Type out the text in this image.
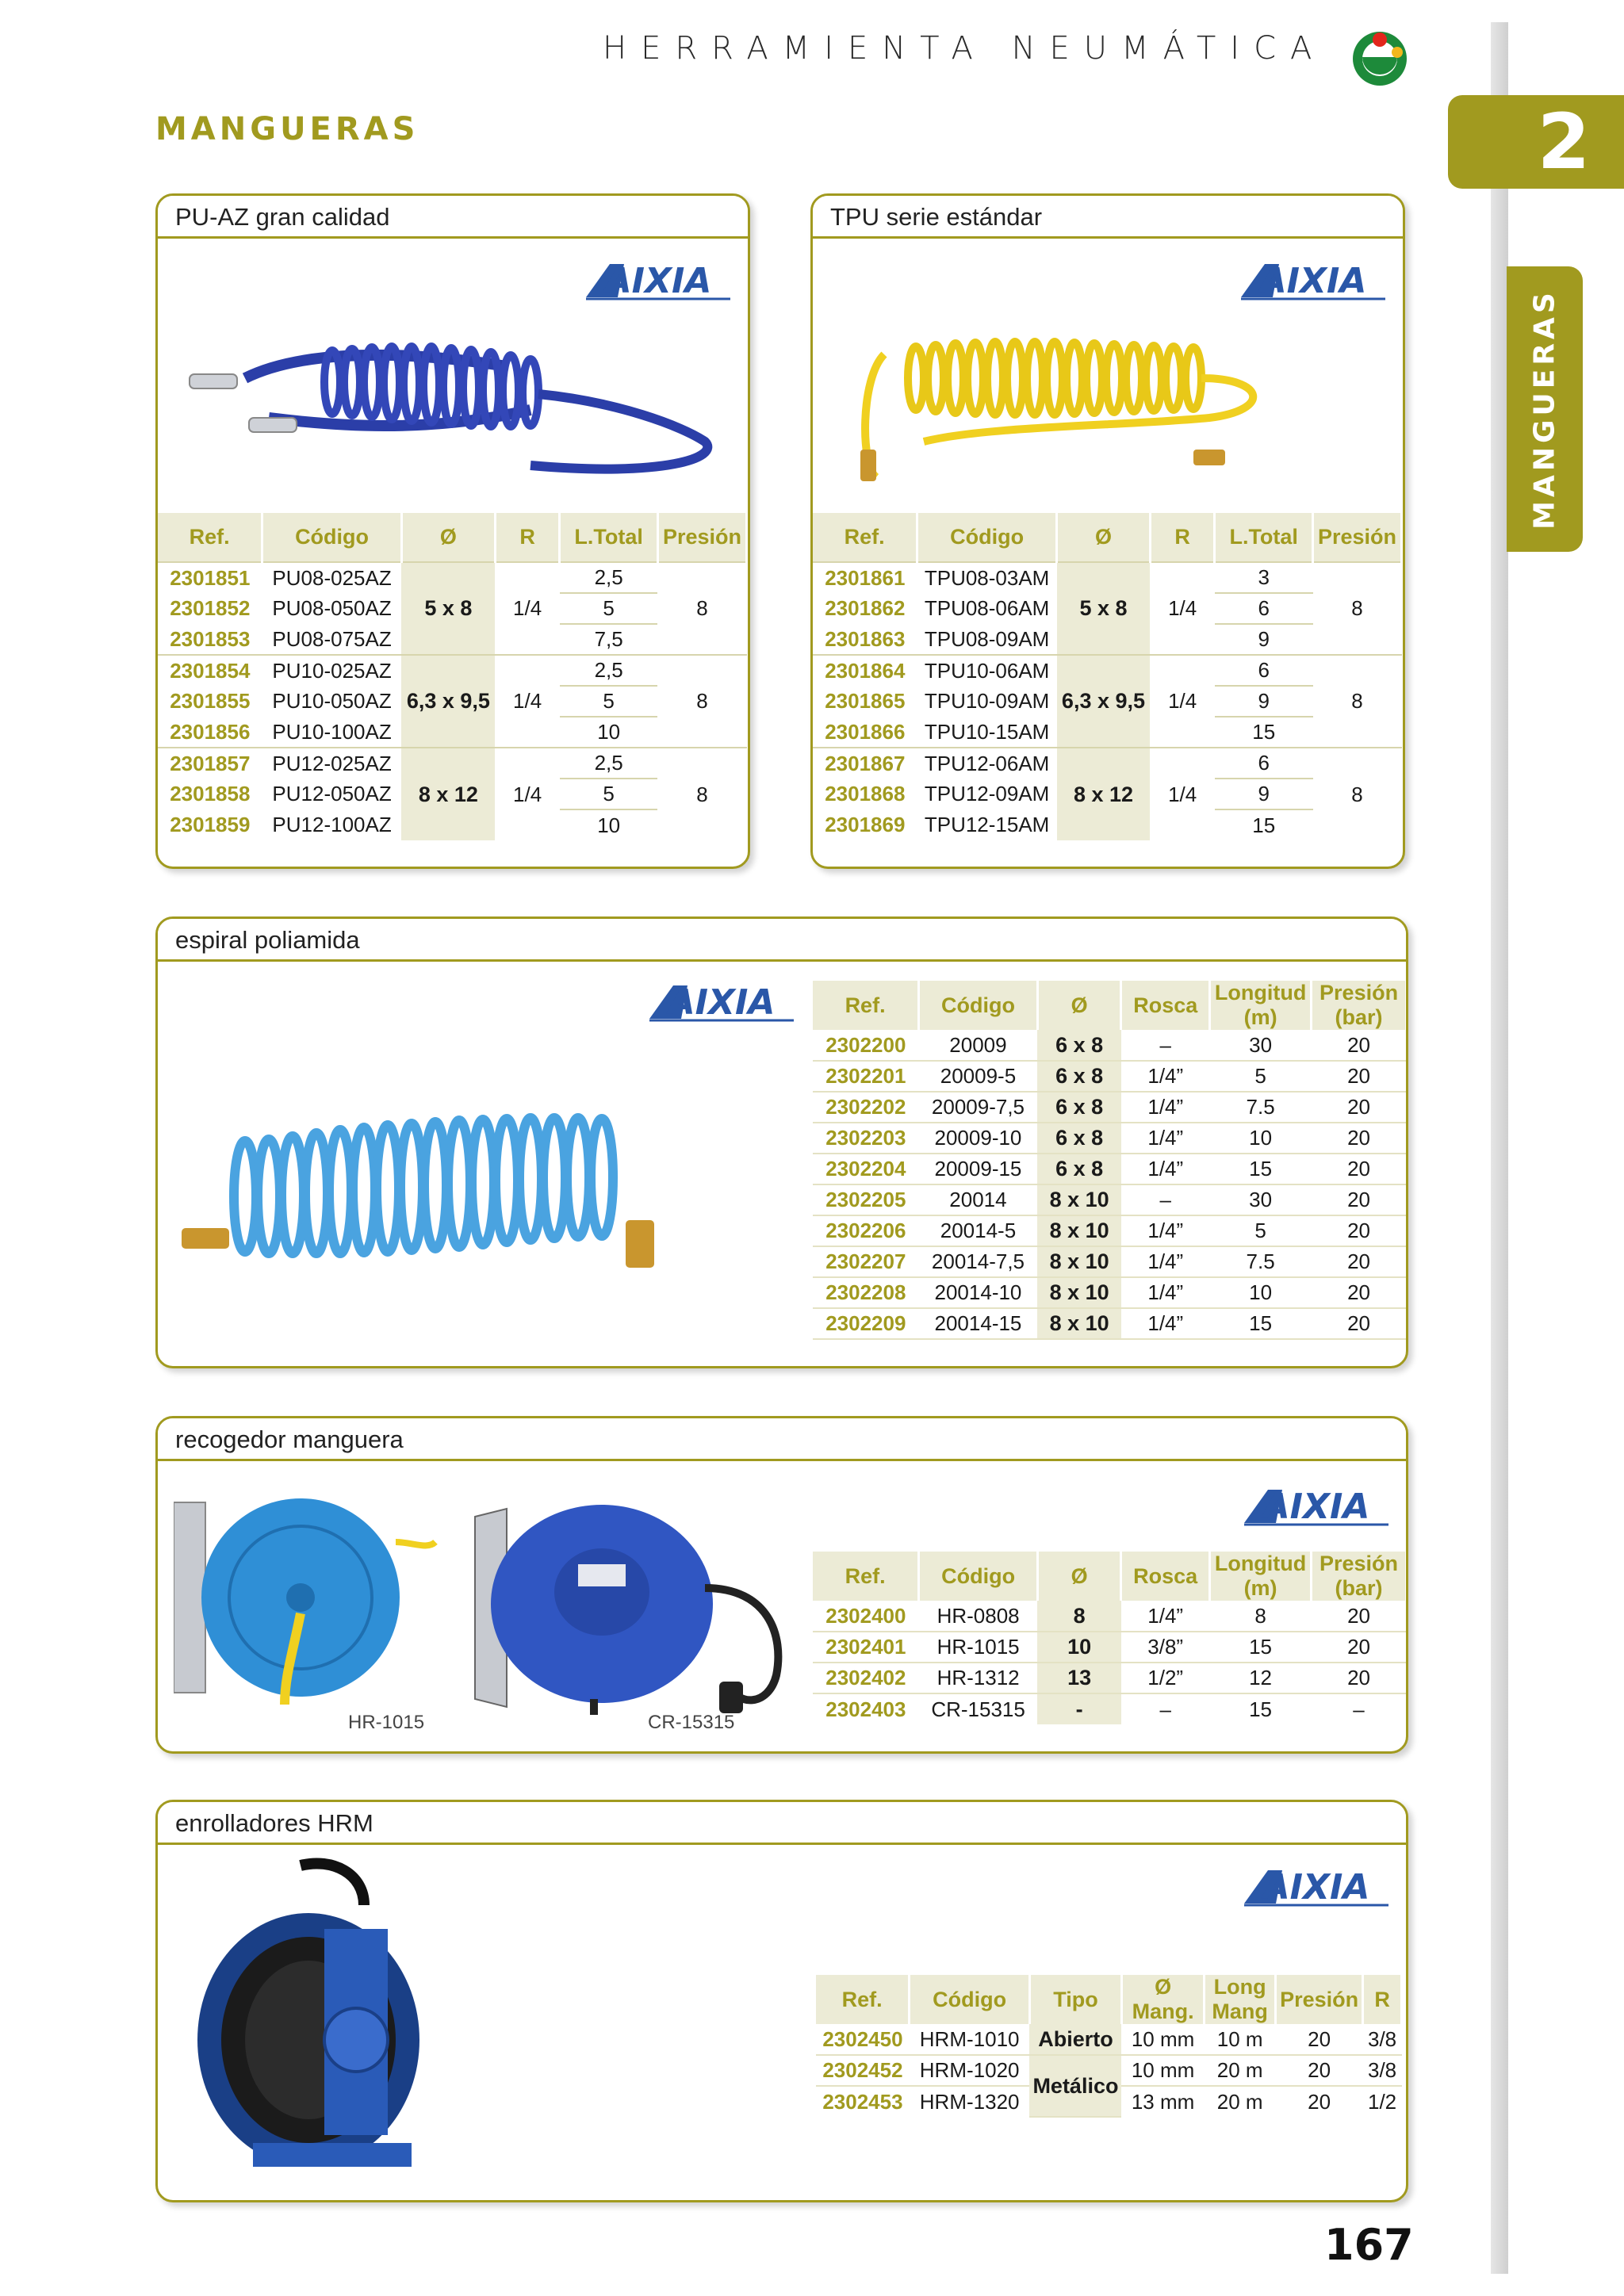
HERRAMIENTA NEUMÁTICA
MANGUERAS	2
MANGUERAS
PU-AZ gran calidad
AIXIA
Ref.	Código	Ø	R	L.Total	Presión
2301851	PU08-025AZ	5 x 8	1/4	2,5	8
2301852	PU08-050AZ			5	
2301853	PU08-075AZ			7,5	
2301854	PU10-025AZ	6,3 x 9,5	1/4	2,5	8
2301855	PU10-050AZ			5	
2301856	PU10-100AZ			10	
2301857	PU12-025AZ	8 x 12	1/4	2,5	8
2301858	PU12-050AZ			5	
2301859	PU12-100AZ			10	
TPU serie estándar
AIXIA
Ref.	Código	Ø	R	L.Total	Presión
2301861	TPU08-03AM	5 x 8	1/4	3	8
2301862	TPU08-06AM			6	
2301863	TPU08-09AM			9	
2301864	TPU10-06AM	6,3 x 9,5	1/4	6	8
2301865	TPU10-09AM			9	
2301866	TPU10-15AM			15	
2301867	TPU12-06AM	8 x 12	1/4	6	8
2301868	TPU12-09AM			9	
2301869	TPU12-15AM			15	
espiral poliamida
AIXIA	Ref.	Código	Ø	Rosca	Longitud (m)	Presión (bar)
2302200	20009	6 x 8	–	30	20
2302201	20009-5	6 x 8	1/4”	5	20
2302202	20009-7,5	6 x 8	1/4”	7.5	20
2302203	20009-10	6 x 8	1/4”	10	20
2302204	20009-15	6 x 8	1/4”	15	20
2302205	20014	8 x 10	–	30	20
2302206	20014-5	8 x 10	1/4”	5	20
2302207	20014-7,5	8 x 10	1/4”	7.5	20
2302208	20014-10	8 x 10	1/4”	10	20
2302209	20014-15	8 x 10	1/4”	15	20
recogedor manguera
AIXIA
HR-1015	CR-15315
Ref.	Código	Ø	Rosca	Longitud (m)	Presión (bar)
2302400	HR-0808	8	1/4”	8	20
2302401	HR-1015	10	3/8”	15	20
2302402	HR-1312	13	1/2”	12	20
2302403	CR-15315	-	–	15	–
enrolladores HRM
AIXIA
Ref.	Código	Tipo	Ø Mang.	Long Mang	Presión	R
2302450	HRM-1010	Abierto	10 mm	10 m	20	3/8
2302452	HRM-1020	Metálico	10 mm	20 m	20	3/8
2302453	HRM-1320		13 mm	20 m	20	1/2
167
